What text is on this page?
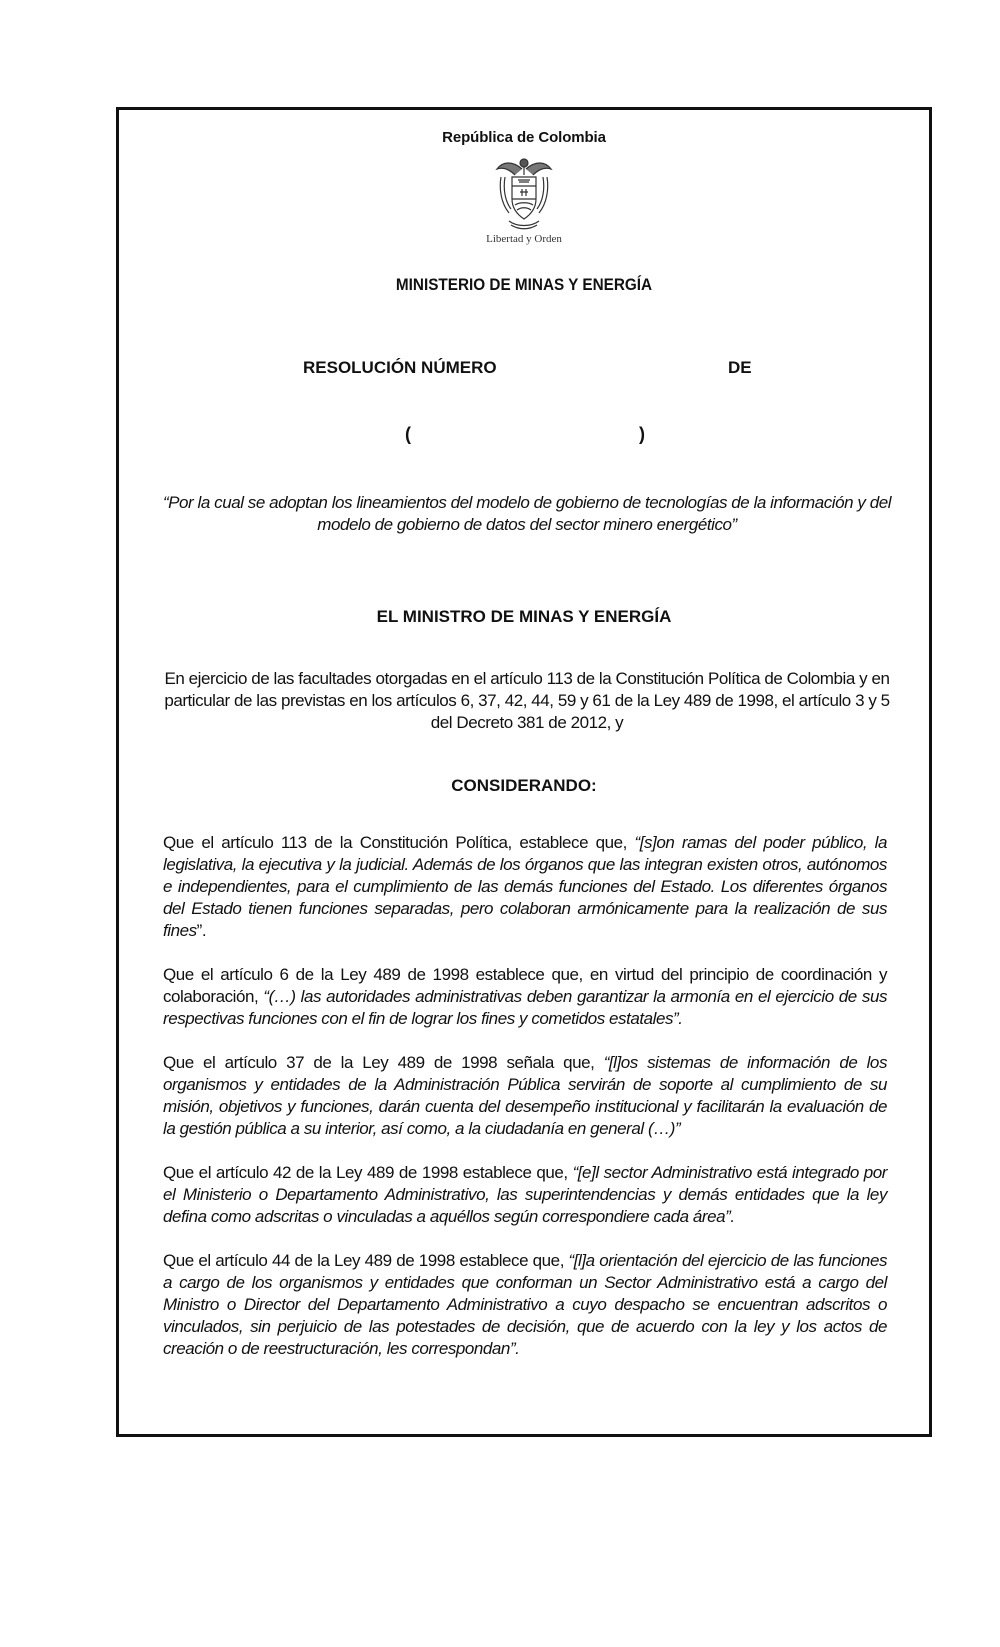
República de Colombia
Libertad y Orden
MINISTERIO DE MINAS Y ENERGÍA
RESOLUCIÓN NÚMERO	DE
(	)
“Por la cual se adoptan los lineamientos del modelo de gobierno de tecnologías de la información y del modelo de gobierno de datos del sector minero energético”
EL MINISTRO DE MINAS Y ENERGÍA
En ejercicio de las facultades otorgadas en el artículo 113 de la Constitución Política de Colombia y en particular de las previstas en los artículos 6, 37, 42, 44, 59 y 61 de la Ley 489 de 1998, el artículo 3 y 5 del Decreto 381 de 2012, y
CONSIDERANDO:

Que el artículo 113 de la Constitución Política, establece que, “[s]on ramas del poder público, la legislativa, la ejecutiva y la judicial. Además de los órganos que las integran existen otros, autónomos e independientes, para el cumplimiento de las demás funciones del Estado. Los diferentes órganos del Estado tienen funciones separadas, pero colaboran armónicamente para la realización de sus fines”.

Que el artículo 6 de la Ley 489 de 1998 establece que, en virtud del principio de coordinación y colaboración, “(…) las autoridades administrativas deben garantizar la armonía en el ejercicio de sus respectivas funciones con el fin de lograr los fines y cometidos estatales”.

Que el artículo 37 de la Ley 489 de 1998 señala que, “[l]os sistemas de información de los organismos y entidades de la Administración Pública servirán de soporte al cumplimiento de su misión, objetivos y funciones, darán cuenta del desempeño institucional y facilitarán la evaluación de la gestión pública a su interior, así como, a la ciudadanía en general (…)”

Que el artículo 42 de la Ley 489 de 1998 establece que, “[e]l sector Administrativo está integrado por el Ministerio o Departamento Administrativo, las superintendencias y demás entidades que la ley defina como adscritas o vinculadas a aquéllos según correspondiere cada área”.

Que el artículo 44 de la Ley 489 de 1998 establece que, “[l]a orientación del ejercicio de las funciones a cargo de los organismos y entidades que conforman un Sector Administrativo está a cargo del Ministro o Director del Departamento Administrativo a cuyo despacho se encuentran adscritos o vinculados, sin perjuicio de las potestades de decisión, que de acuerdo con la ley y los actos de creación o de reestructuración, les correspondan”.
